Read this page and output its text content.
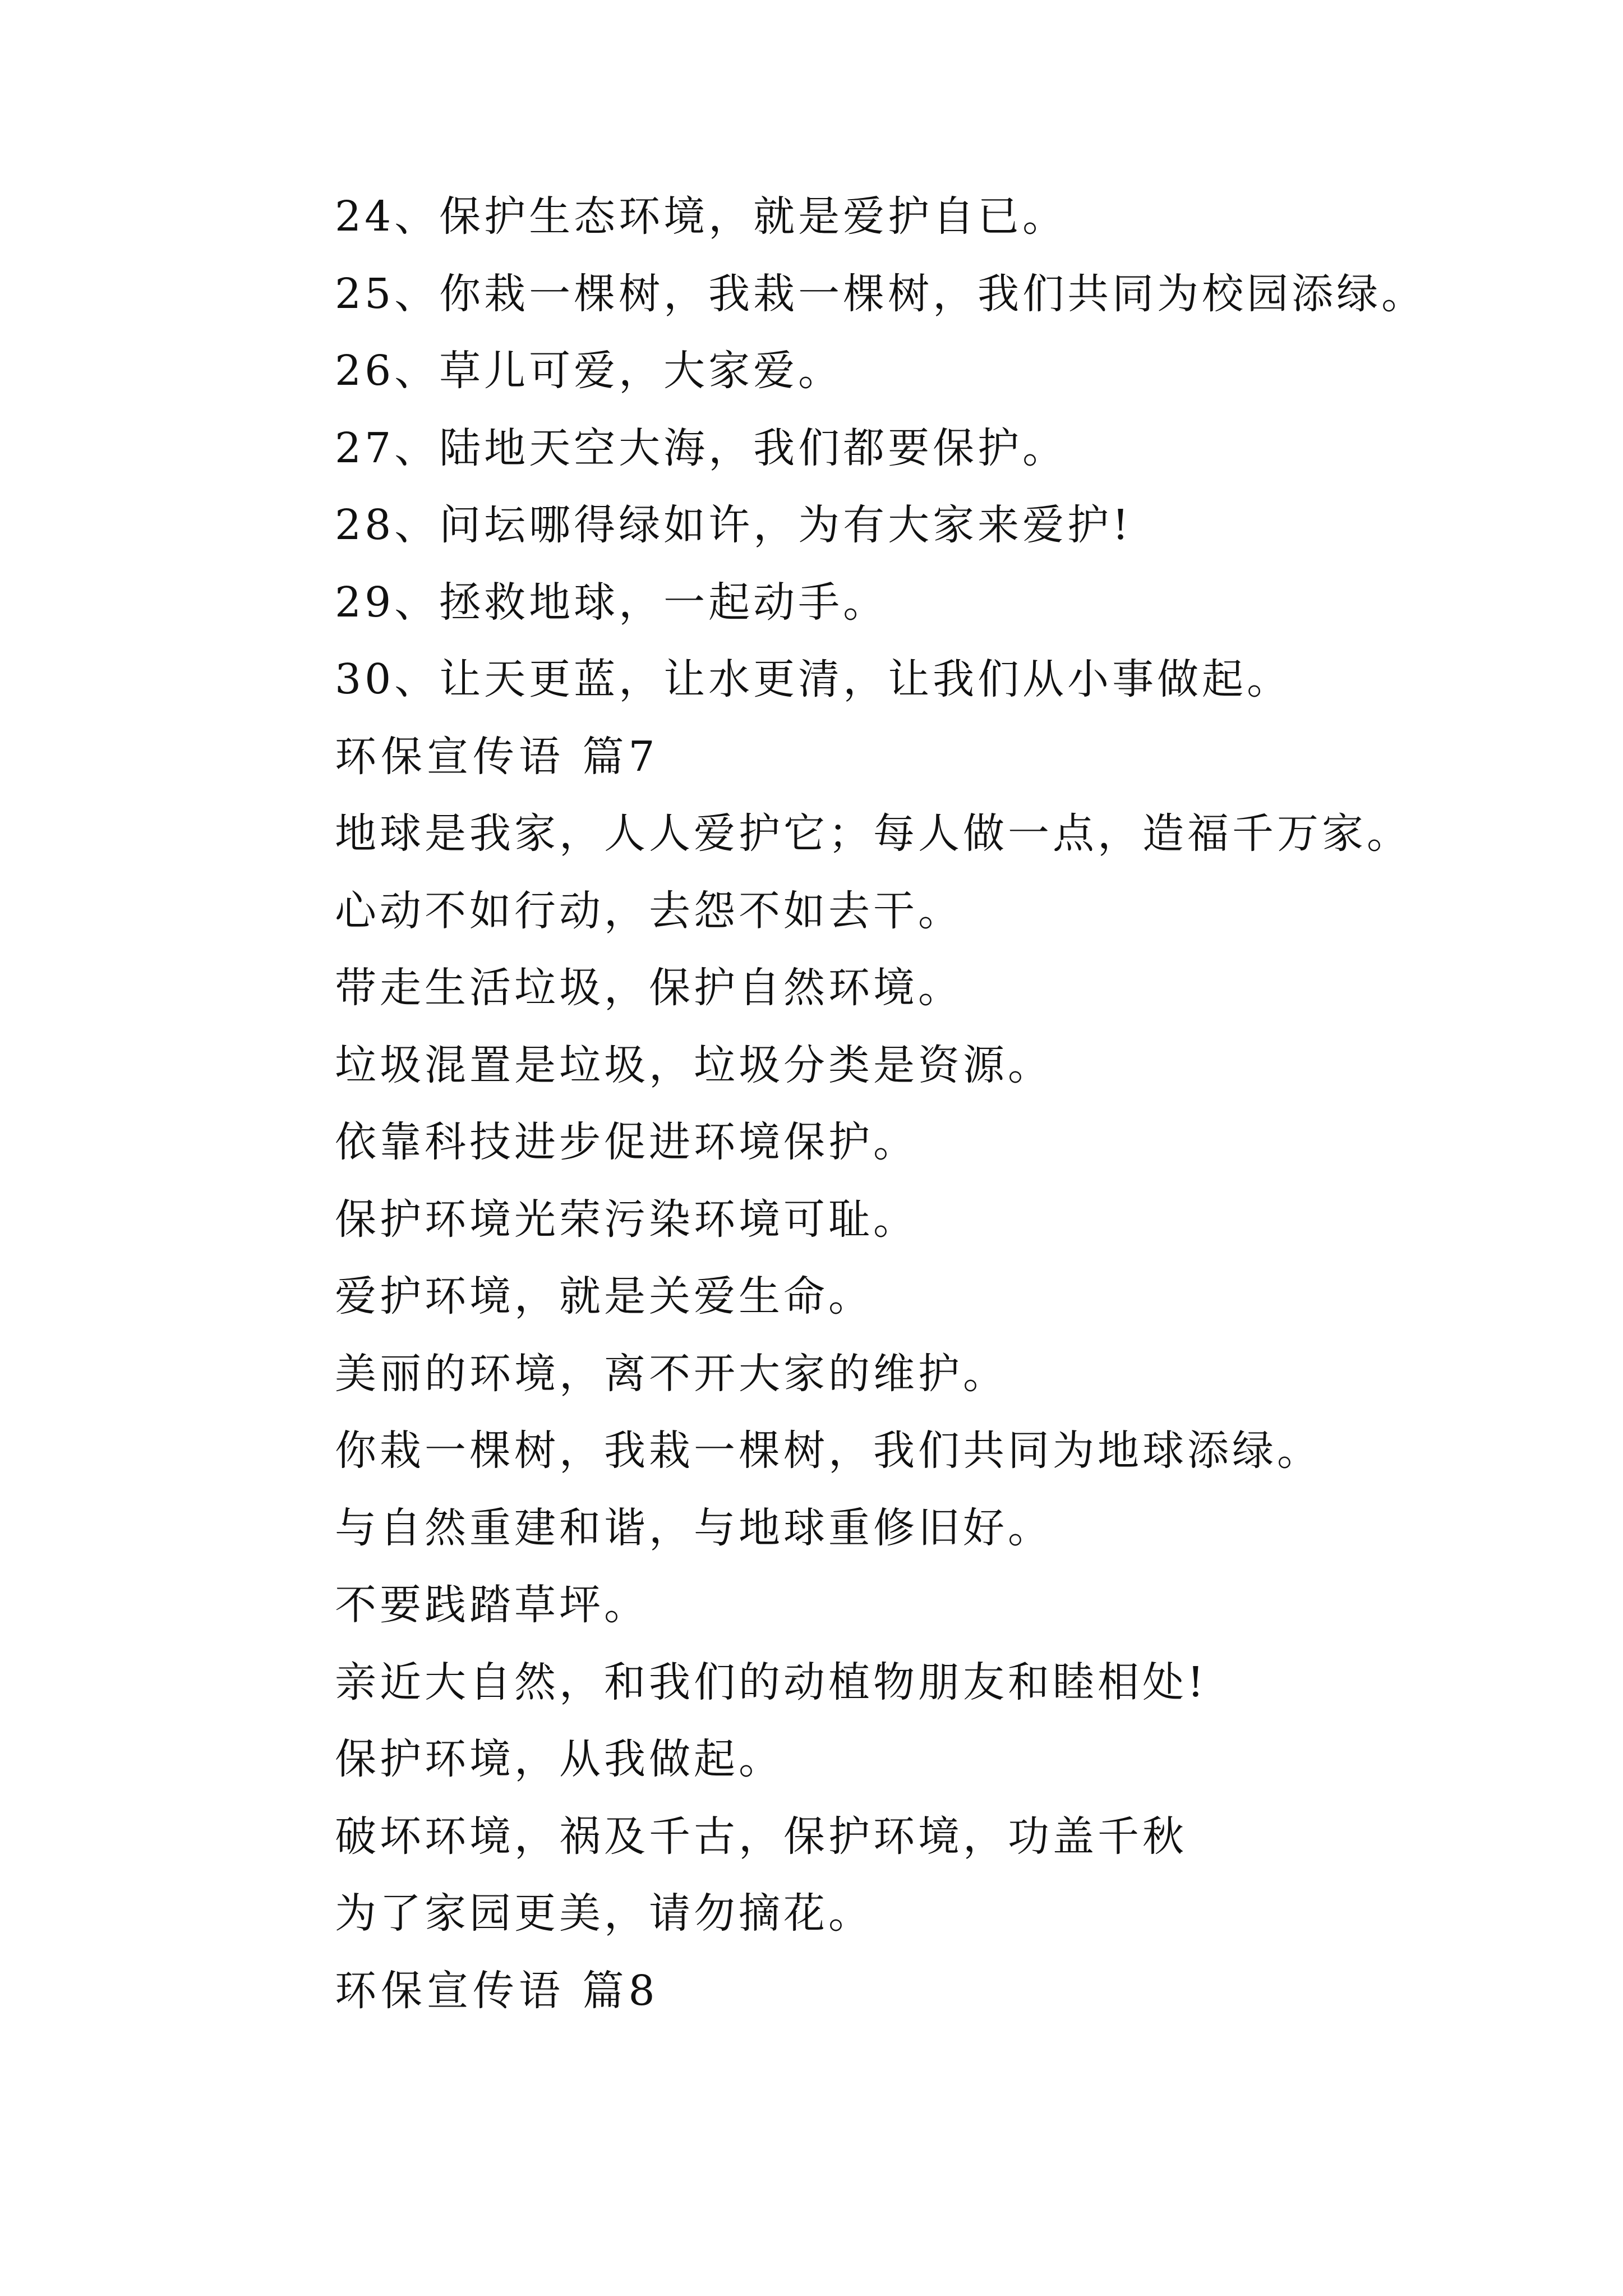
24、保护生态环境，就是爱护自已。
25、你栽一棵树，我栽一棵树，我们共同为校园添绿。
26、草儿可爱，大家爱。
27、陆地天空大海，我们都要保护。
28、问坛哪得绿如许，为有大家来爱护!
29、拯救地球，一起动手。
30、让天更蓝，让水更清，让我们从小事做起。
环保宣传语 篇7
地球是我家，人人爱护它；每人做一点，造福千万家。
心动不如行动，去怨不如去干。
带走生活垃圾，保护自然环境。
垃圾混置是垃圾，垃圾分类是资源。
依靠科技进步促进环境保护。
保护环境光荣污染环境可耻。
爱护环境，就是关爱生命。
美丽的环境，离不开大家的维护。
你栽一棵树，我栽一棵树，我们共同为地球添绿。
与自然重建和谐，与地球重修旧好。
不要践踏草坪。
亲近大自然，和我们的动植物朋友和睦相处!
保护环境，从我做起。
破坏环境，祸及千古，保护环境，功盖千秋
为了家园更美，请勿摘花。
环保宣传语 篇8
